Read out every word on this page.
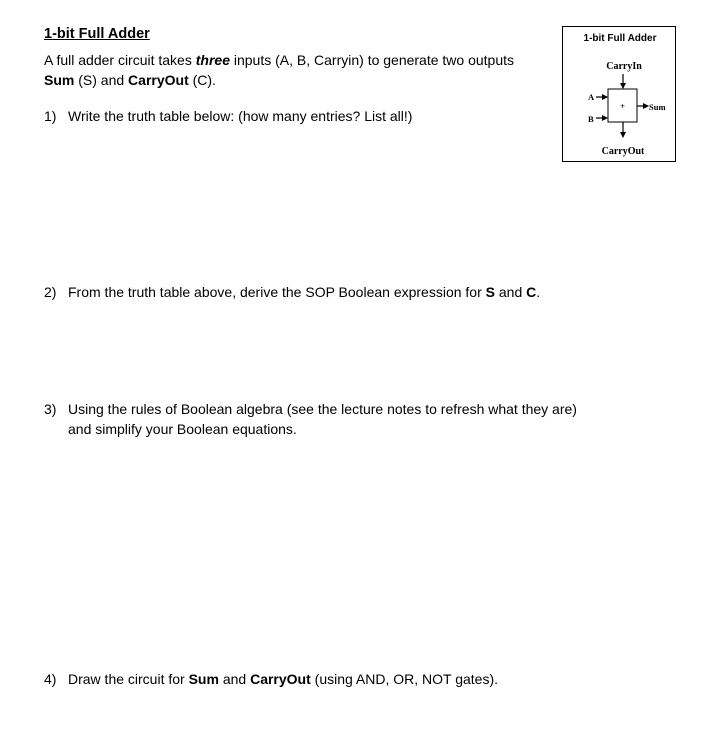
1-bit Full Adder
A full adder circuit takes three inputs (A, B, Carryin) to generate two outputs
Sum (S) and CarryOut (C).
1) Write the truth table below: (how many entries? List all!)
2) From the truth table above, derive the SOP Boolean expression for S and C.
3) Using the rules of Boolean algebra (see the lecture notes to refresh what they are)
and simplify your Boolean equations.
4) Draw the circuit for Sum and CarryOut (using AND, OR, NOT gates).
1-bit Full Adder
CarryIn
+
A
B
Sum
CarryOut
